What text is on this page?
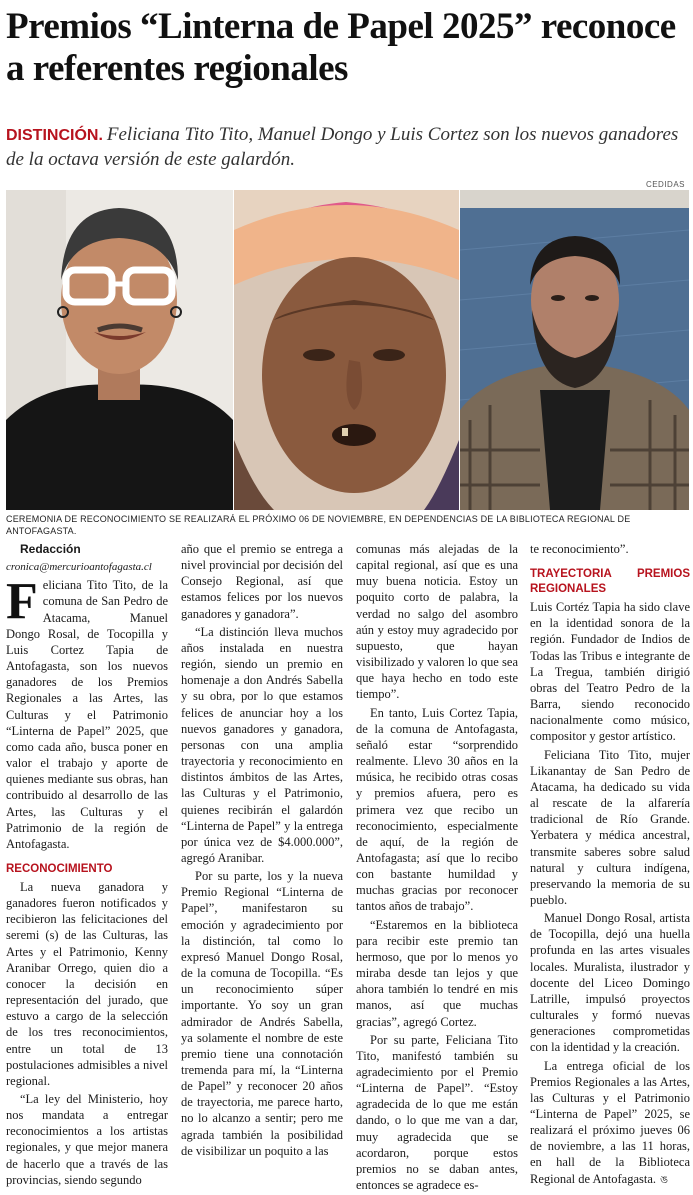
Premios “Linterna de Papel 2025” reconoce a referentes regionales

DISTINCIÓN. Feliciana Tito Tito, Manuel Dongo y Luis Cortez son los nuevos ganadores de la octava versión de este galardón.

CEDIDAS
CEREMONIA DE RECONOCIMIENTO SE REALIZARÁ EL PRÓXIMO 06 DE NOVIEMBRE, EN DEPENDENCIAS DE LA BIBLIOTECA REGIONAL DE ANTOFAGASTA.

Redacción

cronica@mercurioantofagasta.cl

Feliciana Tito Tito, de la comuna de San Pedro de Atacama, Manuel Dongo Rosal, de Tocopilla y Luis Cortez Tapia de Antofagasta, son los nuevos ganadores de los Premios Regionales a las Artes, las Culturas y el Patrimonio “Linterna de Papel” 2025, que como cada año, busca poner en valor el trabajo y aporte de quienes mediante sus obras, han contribuido al desarrollo de las Artes, las Culturas y el Patrimonio de la región de Antofagasta.

RECONOCIMIENTO

La nueva ganadora y ganadores fueron notificados y recibieron las felicitaciones del seremi (s) de las Culturas, las Artes y el Patrimonio, Kenny Aranibar Orrego, quien dio a conocer la decisión en representación del jurado, que estuvo a cargo de la selección de los tres reconocimientos, entre un total de 13 postulaciones admisibles a nivel regional.

“La ley del Ministerio, hoy nos mandata a entregar reconocimientos a los artistas regionales, y que mejor manera de hacerlo que a través de las provincias, siendo segundo

año que el premio se entrega a nivel provincial por decisión del Consejo Regional, así que estamos felices por los nuevos ganadores y ganadora”.

“La distinción lleva muchos años instalada en nuestra región, siendo un premio en homenaje a don Andrés Sabella y su obra, por lo que estamos felices de anunciar hoy a los nuevos ganadores y ganadora, personas con una amplia trayectoria y reconocimiento en distintos ámbitos de las Artes, las Culturas y el Patrimonio, quienes recibirán el galardón “Linterna de Papel” y la entrega por única vez de $4.000.000”, agregó Aranibar.

Por su parte, los y la nueva Premio Regional “Linterna de Papel”, manifestaron su emoción y agradecimiento por la distinción, tal como lo expresó Manuel Dongo Rosal, de la comuna de Tocopilla. “Es un reconocimiento súper importante. Yo soy un gran admirador de Andrés Sabella, ya solamente el nombre de este premio tiene una connotación tremenda para mí, la “Linterna de Papel” y reconocer 20 años de trayectoria, me parece harto, no lo alcanzo a sentir; pero me agrada también la posibilidad de visibilizar un poquito a las

comunas más alejadas de la capital regional, así que es una muy buena noticia. Estoy un poquito corto de palabra, la verdad no salgo del asombro aún y estoy muy agradecido por supuesto, que hayan visibilizado y valoren lo que sea que haya hecho en todo este tiempo”.

En tanto, Luis Cortez Tapia, de la comuna de Antofagasta, señaló estar “sorprendido realmente. Llevo 30 años en la música, he recibido otras cosas y premios afuera, pero es primera vez que recibo un reconocimiento, especialmente de aquí, de la región de Antofagasta; así que lo recibo con bastante humildad y muchas gracias por reconocer tantos años de trabajo”.

“Estaremos en la biblioteca para recibir este premio tan hermoso, que por lo menos yo miraba desde tan lejos y que ahora también lo tendré en mis manos, así que muchas gracias”, agregó Cortez.

Por su parte, Feliciana Tito Tito, manifestó también su agradecimiento por el Premio “Linterna de Papel”. “Estoy agradecida de lo que me están dando, o lo que me van a dar, muy agradecida que se acordaron, porque estos premios no se daban antes, entonces se agradece es-

te reconocimiento”.

TRAYECTORIA PREMIOS REGIONALES

Luis Cortéz Tapia ha sido clave en la identidad sonora de la región. Fundador de Indios de Todas las Tribus e integrante de La Tregua, también dirigió obras del Teatro Pedro de la Barra, siendo reconocido nacionalmente como músico, compositor y gestor artístico.

Feliciana Tito Tito, mujer Likanantay de San Pedro de Atacama, ha dedicado su vida al rescate de la alfarería tradicional de Río Grande. Yerbatera y médica ancestral, transmite saberes sobre salud natural y cultura indígena, preservando la memoria de su pueblo.

Manuel Dongo Rosal, artista de Tocopilla, dejó una huella profunda en las artes visuales locales. Muralista, ilustrador y docente del Liceo Domingo Latrille, impulsó proyectos culturales y formó nuevas generaciones comprometidas con la identidad y la creación.

La entrega oficial de los Premios Regionales a las Artes, las Culturas y el Patrimonio “Linterna de Papel” 2025, se realizará el próximo jueves 06 de noviembre, a las 11 horas, en hall de la Biblioteca Regional de Antofagasta. ঙ
